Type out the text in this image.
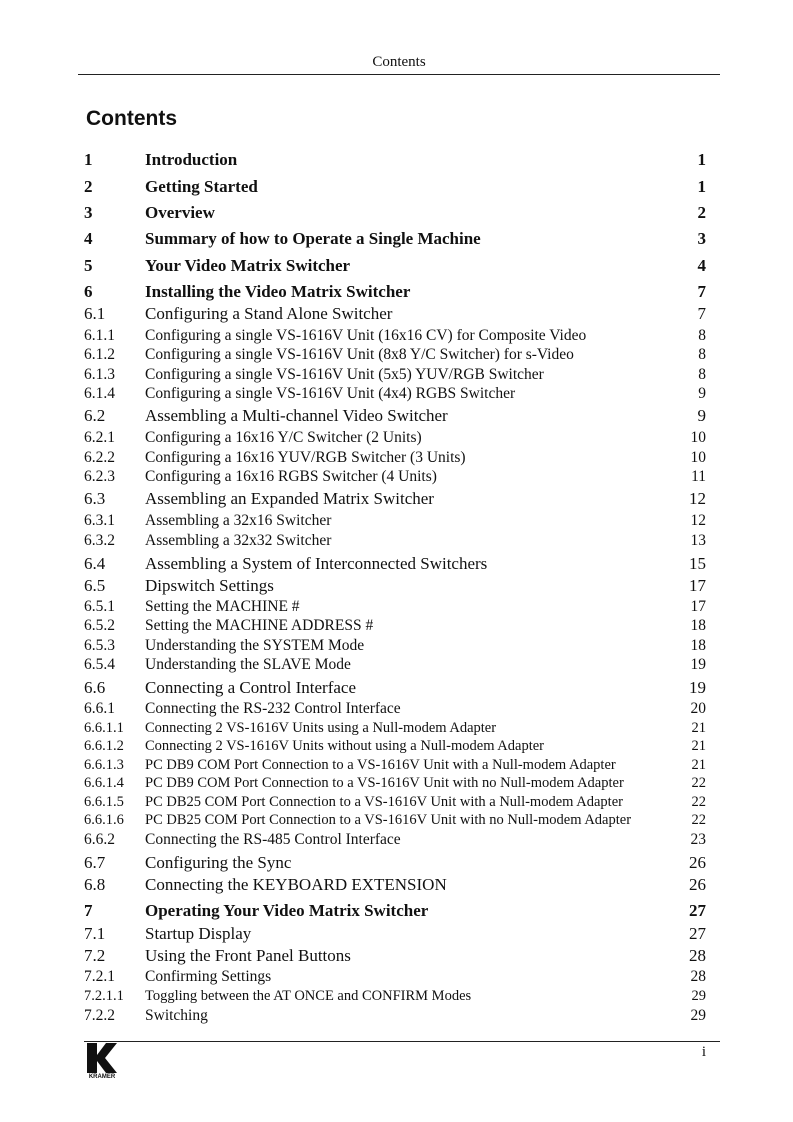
Contents
Contents
1	Introduction	1
2	Getting Started	1
3	Overview	2
4	Summary of how to Operate a Single Machine	3
5	Your Video Matrix Switcher	4
6	Installing the Video Matrix Switcher	7
6.1	Configuring a Stand Alone Switcher	7
6.1.1	Configuring a single VS-1616V Unit (16x16 CV) for Composite Video	8
6.1.2	Configuring a single VS-1616V Unit (8x8 Y/C Switcher) for s-Video	8
6.1.3	Configuring a single VS-1616V Unit (5x5) YUV/RGB Switcher	8
6.1.4	Configuring a single VS-1616V Unit (4x4) RGBS Switcher	9
6.2	Assembling a Multi-channel Video Switcher	9
6.2.1	Configuring a 16x16 Y/C Switcher (2 Units)	10
6.2.2	Configuring a 16x16 YUV/RGB Switcher (3 Units)	10
6.2.3	Configuring a 16x16 RGBS Switcher (4 Units)	11
6.3	Assembling an Expanded Matrix Switcher	12
6.3.1	Assembling a 32x16 Switcher	12
6.3.2	Assembling a 32x32 Switcher	13
6.4	Assembling a System of Interconnected Switchers	15
6.5	Dipswitch Settings	17
6.5.1	Setting the MACHINE #	17
6.5.2	Setting the MACHINE ADDRESS #	18
6.5.3	Understanding the SYSTEM Mode	18
6.5.4	Understanding the SLAVE Mode	19
6.6	Connecting a Control Interface	19
6.6.1	Connecting the RS-232 Control Interface	20
6.6.1.1	Connecting 2 VS-1616V Units using a Null-modem Adapter	21
6.6.1.2	Connecting 2 VS-1616V Units without using a Null-modem Adapter	21
6.6.1.3	PC DB9 COM Port Connection to a VS-1616V Unit with a Null-modem Adapter	21
6.6.1.4	PC DB9 COM Port Connection to a VS-1616V Unit with no Null-modem Adapter	22
6.6.1.5	PC DB25 COM Port Connection to a VS-1616V Unit with a Null-modem Adapter	22
6.6.1.6	PC DB25 COM Port Connection to a VS-1616V Unit with no Null-modem Adapter	22
6.6.2	Connecting the RS-485 Control Interface	23
6.7	Configuring the Sync	26
6.8	Connecting the KEYBOARD EXTENSION	26
7	Operating Your Video Matrix Switcher	27
7.1	Startup Display	27
7.2	Using the Front Panel Buttons	28
7.2.1	Confirming Settings	28
7.2.1.1	Toggling between the AT ONCE and CONFIRM Modes	29
7.2.2	Switching	29
KRAMER
i
